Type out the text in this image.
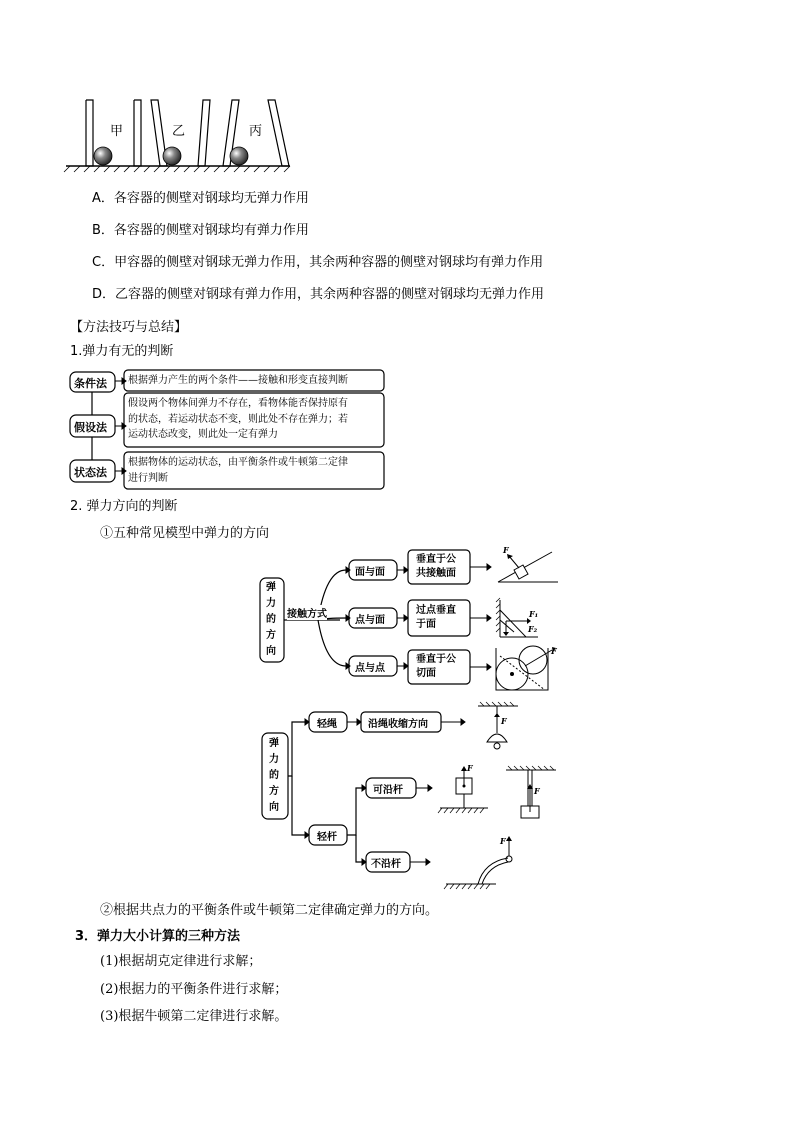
甲	乙	丙
A．各容器的侧壁对钢球均无弹力作用
B．各容器的侧壁对钢球均有弹力作用
C．甲容器的侧壁对钢球无弹力作用，其余两种容器的侧壁对钢球均有弹力作用
D．乙容器的侧壁对钢球有弹力作用，其余两种容器的侧壁对钢球均无弹力作用
【方法技巧与总结】
1.弹力有无的判断
条件法
假设法
状态法
根据弹力产生的两个条件——接触和形变直接判断
假设两个物体间弹力不存在，看物体能否保持原有
的状态，若运动状态不变，则此处不存在弹力；若
运动状态改变，则此处一定有弹力
根据物体的运动状态，由平衡条件或牛顿第二定律
进行判断
2. 弹力方向的判断
①五种常见模型中弹力的方向
弹
力
的
方
向
接触方式
面与面
点与面
点与点
垂直于公
共接触面
过点垂直
于面
垂直于公
切面
F
F₁
F₂
F
弹
力
的
方
向
轻绳	沿绳收缩方向
轻杆
可沿杆
不沿杆
F
F
F
F
②根据共点力的平衡条件或牛顿第二定律确定弹力的方向。
3．弹力大小计算的三种方法
(1)根据胡克定律进行求解；
(2)根据力的平衡条件进行求解；
(3)根据牛顿第二定律进行求解。
